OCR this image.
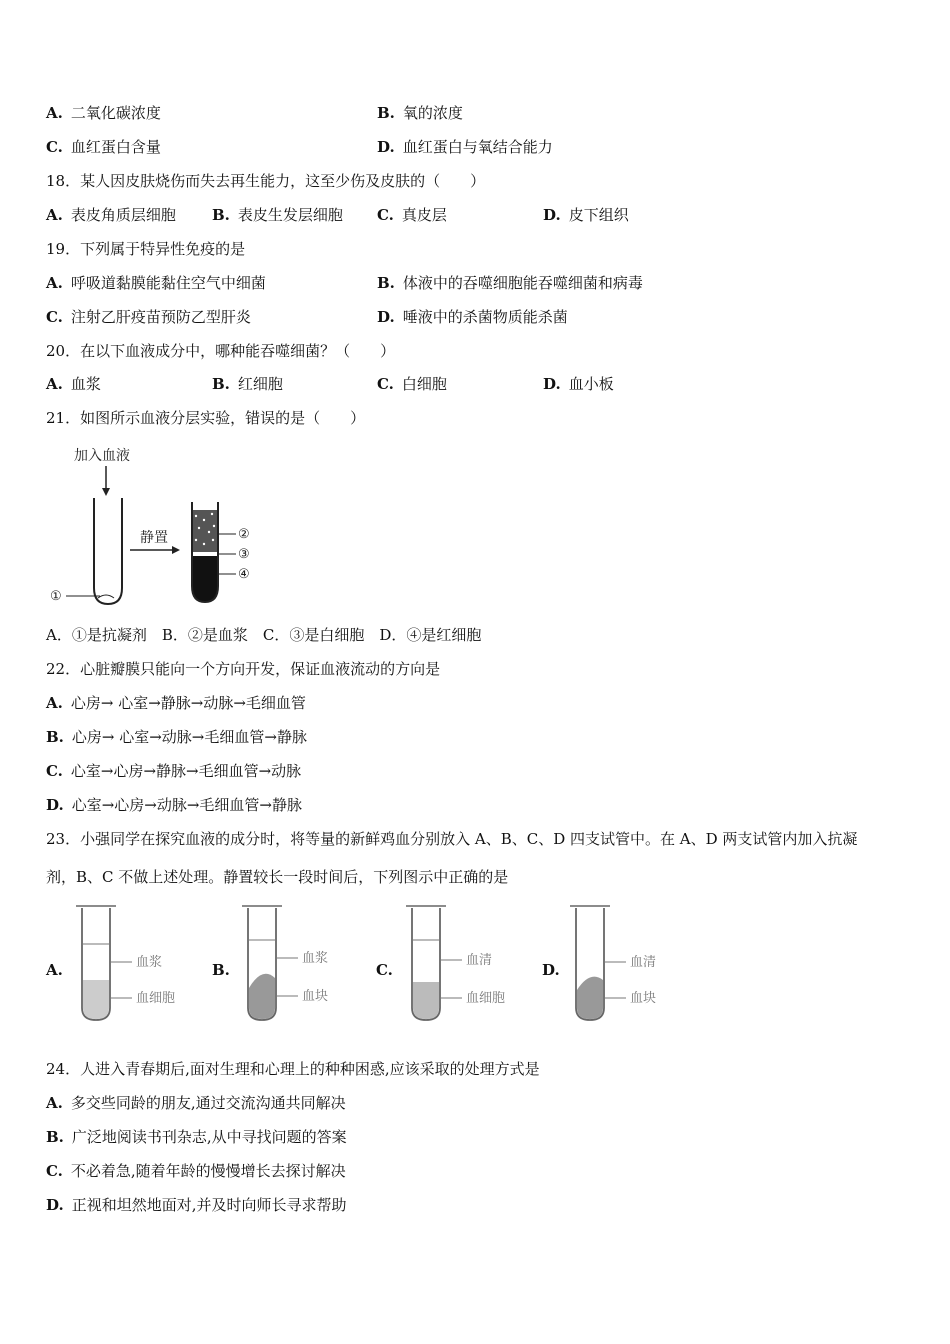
A. 二氧化碳浓度	B. 氧的浓度
C. 血红蛋白含量	D. 血红蛋白与氧结合能力
18．某人因皮肤烧伤而失去再生能力，这至少伤及皮肤的（　　）
A. 表皮角质层细胞 B. 表皮生发层细胞 C. 真皮层	D. 皮下组织
19．下列属于特异性免疫的是
A. 呼吸道黏膜能黏住空气中细菌	B. 体液中的吞噬细胞能吞噬细菌和病毒
C. 注射乙肝疫苗预防乙型肝炎	D. 唾液中的杀菌物质能杀菌
20．在以下血液成分中，哪种能吞噬细菌？（　　）
A. 血浆	B. 红细胞	C. 白细胞	D. 血小板
21．如图所示血液分层实验，错误的是（　　）
加入血液
①
静置	②
③
④
A．①是抗凝剂　B．②是血浆　C．③是白细胞　D．④是红细胞
22．心脏瓣膜只能向一个方向开发，保证血液流动的方向是
A. 心房→ 心室→静脉→动脉→毛细血管
B. 心房→ 心室→动脉→毛细血管→静脉
C. 心室→心房→静脉→毛细血管→动脉
D. 心室→心房→动脉→毛细血管→静脉
23．小强同学在探究血液的成分时，将等量的新鲜鸡血分别放入 A、B、C、D 四支试管中。在 A、D 两支试管内加入抗凝
剂，B、C 不做上述处理。静置较长一段时间后，下列图示中正确的是
A.	血浆
血细胞
B.
血浆
血块
C.
血清
血细胞
D.	血清
血块
24．人进入青春期后,面对生理和心理上的种种困惑,应该采取的处理方式是
A. 多交些同龄的朋友,通过交流沟通共同解决
B. 广泛地阅读书刊杂志,从中寻找问题的答案
C. 不必着急,随着年龄的慢慢增长去探讨解决
D. 正视和坦然地面对,并及时向师长寻求帮助
